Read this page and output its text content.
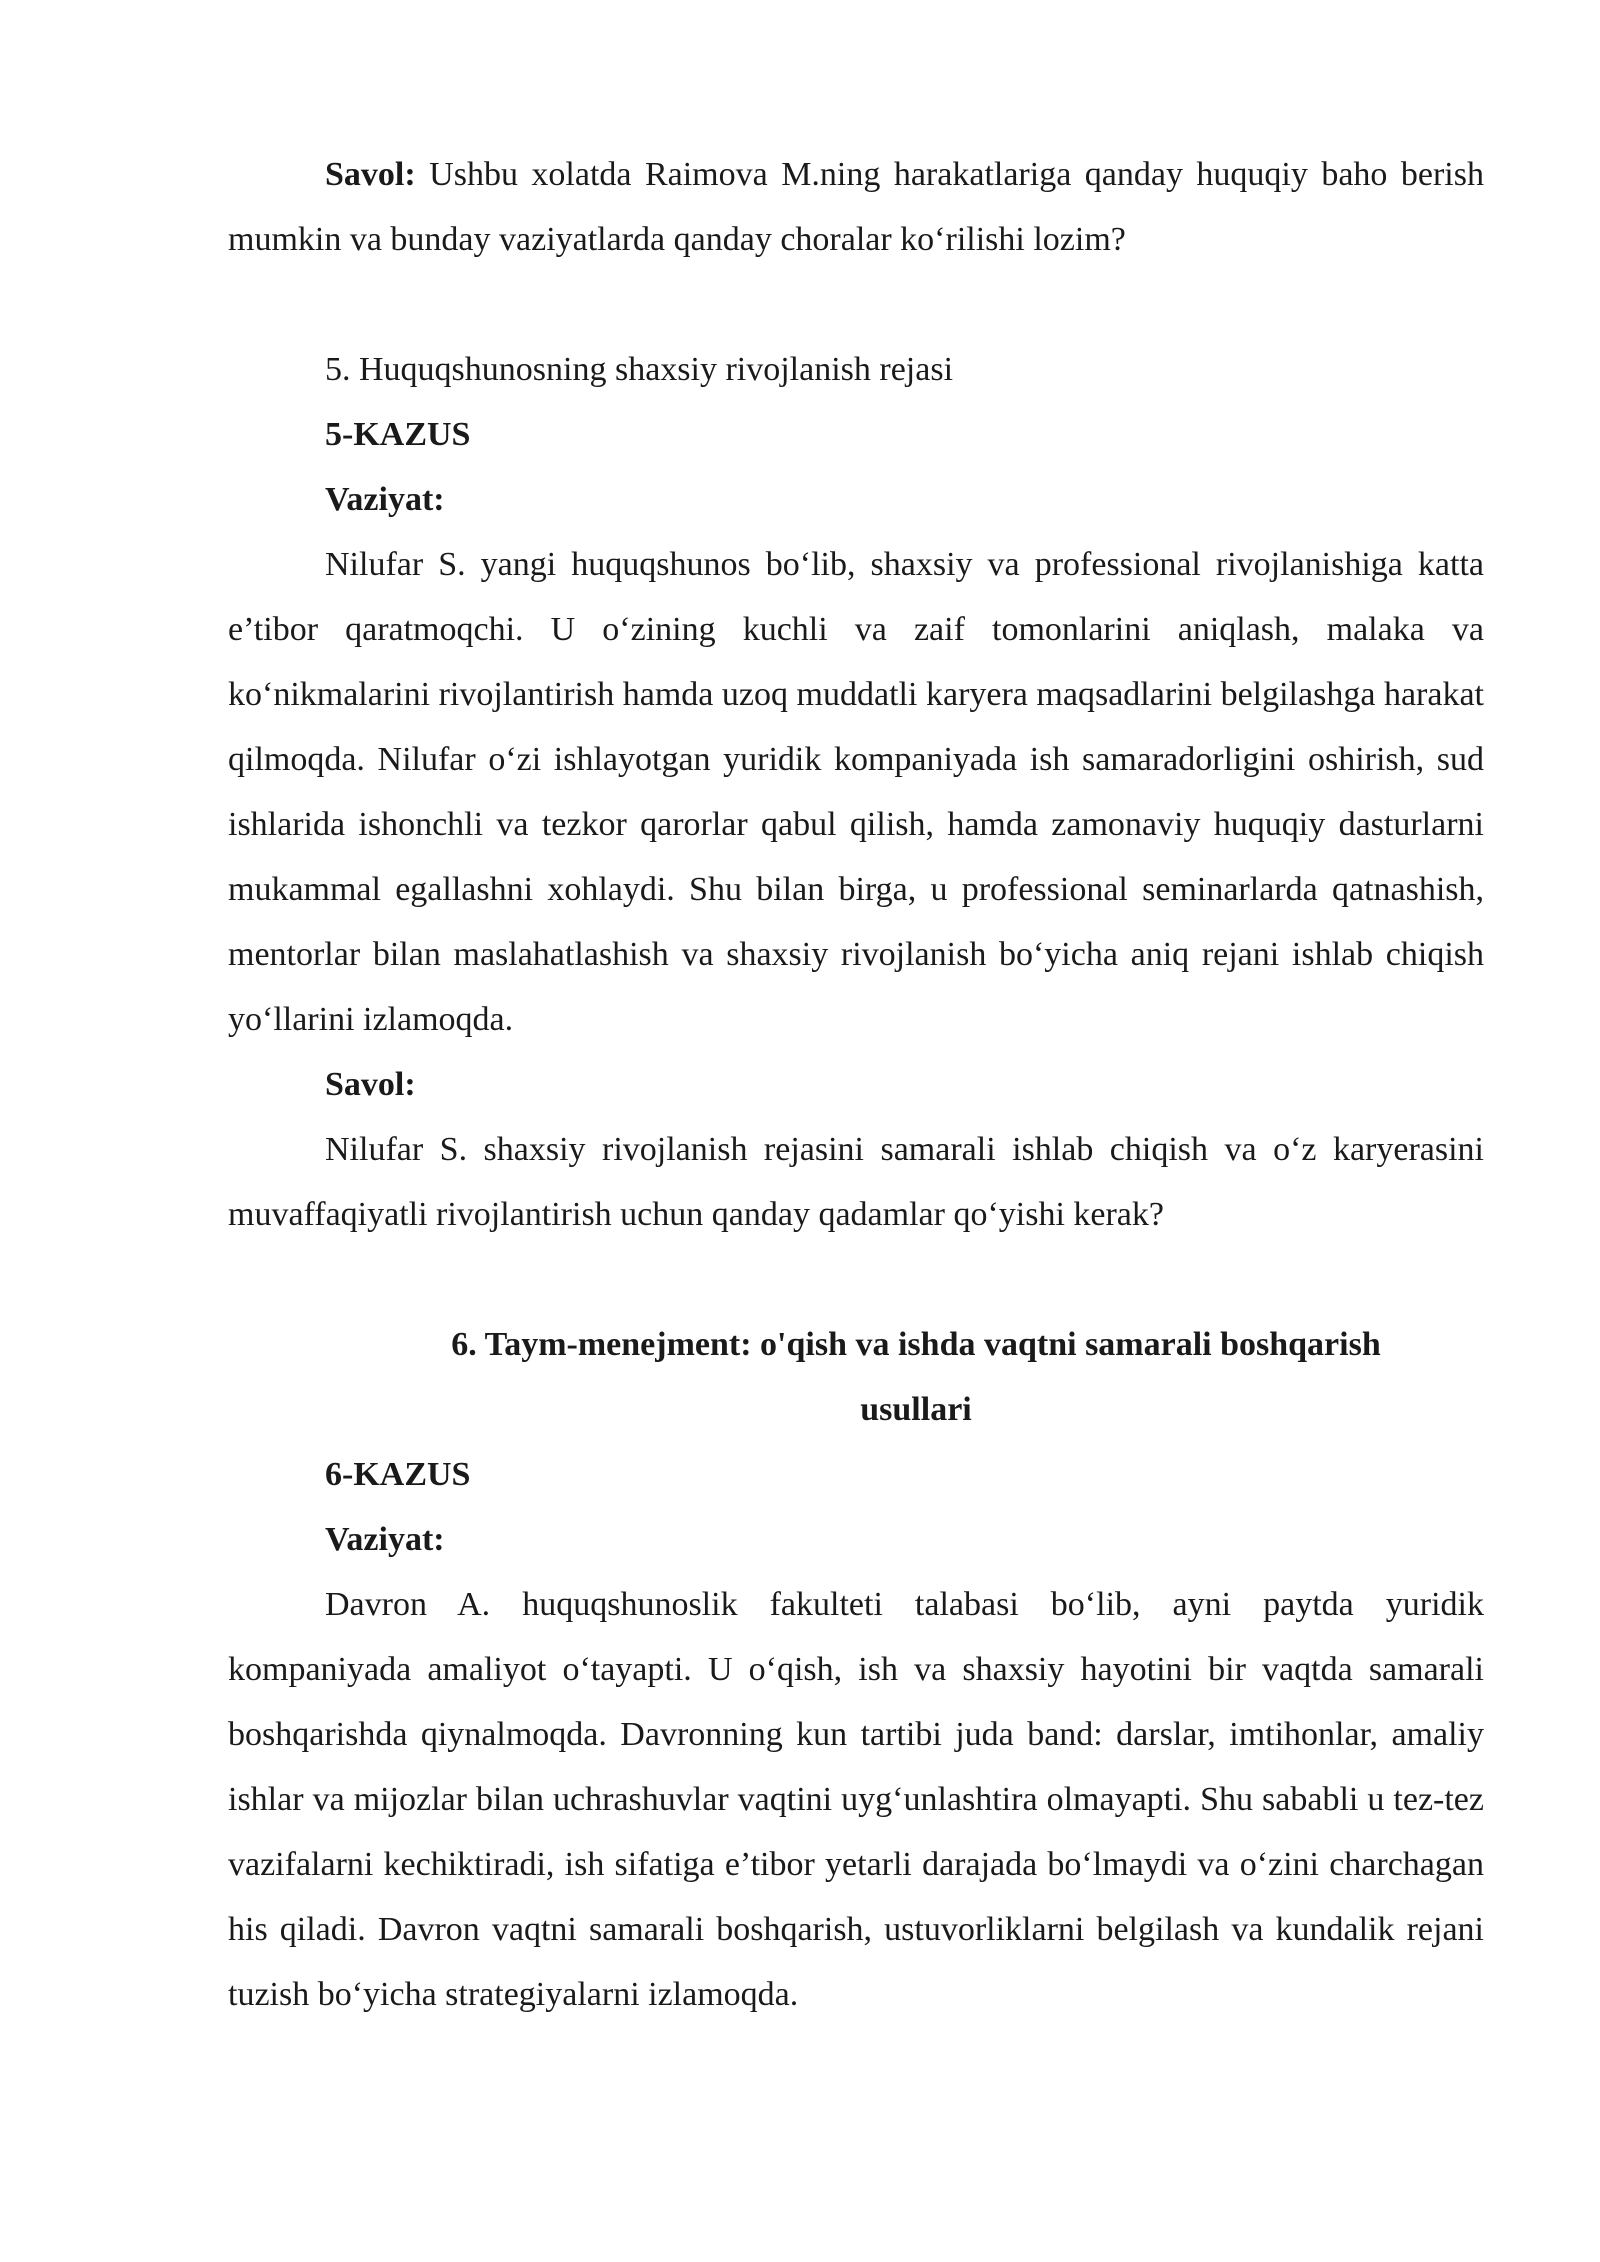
Savol: Ushbu xolatda Raimova M.ning harakatlariga qanday huquqiy baho berish mumkin va bunday vaziyatlarda qanday choralar ko‘rilishi lozim?

5. Huquqshunosning shaxsiy rivojlanish rejasi

5-KAZUS

Vaziyat:

Nilufar S. yangi huquqshunos bo‘lib, shaxsiy va professional rivojlanishiga katta e’tibor qaratmoqchi. U o‘zining kuchli va zaif tomonlarini aniqlash, malaka va ko‘nikmalarini rivojlantirish hamda uzoq muddatli karyera maqsadlarini belgilashga harakat qilmoqda. Nilufar o‘zi ishlayotgan yuridik kompaniyada ish samaradorligini oshirish, sud ishlarida ishonchli va tezkor qarorlar qabul qilish, hamda zamonaviy huquqiy dasturlarni mukammal egallashni xohlaydi. Shu bilan birga, u professional seminarlarda qatnashish, mentorlar bilan maslahatlashish va shaxsiy rivojlanish bo‘yicha aniq rejani ishlab chiqish yo‘llarini izlamoqda.

Savol:

Nilufar S. shaxsiy rivojlanish rejasini samarali ishlab chiqish va o‘z karyerasini muvaffaqiyatli rivojlantirish uchun qanday qadamlar qo‘yishi kerak?

6. Taym-menejment: o'qish va ishda vaqtni samarali boshqarish
usullari

6-KAZUS

Vaziyat:

Davron A. huquqshunoslik fakulteti talabasi bo‘lib, ayni paytda yuridik kompaniyada amaliyot o‘tayapti. U o‘qish, ish va shaxsiy hayotini bir vaqtda samarali boshqarishda qiynalmoqda. Davronning kun tartibi juda band: darslar, imtihonlar, amaliy ishlar va mijozlar bilan uchrashuvlar vaqtini uyg‘unlashtira olmayapti. Shu sababli u tez-tez vazifalarni kechiktiradi, ish sifatiga e’tibor yetarli darajada bo‘lmaydi va o‘zini charchagan his qiladi. Davron vaqtni samarali boshqarish, ustuvorliklarni belgilash va kundalik rejani tuzish bo‘yicha strategiyalarni izlamoqda.
